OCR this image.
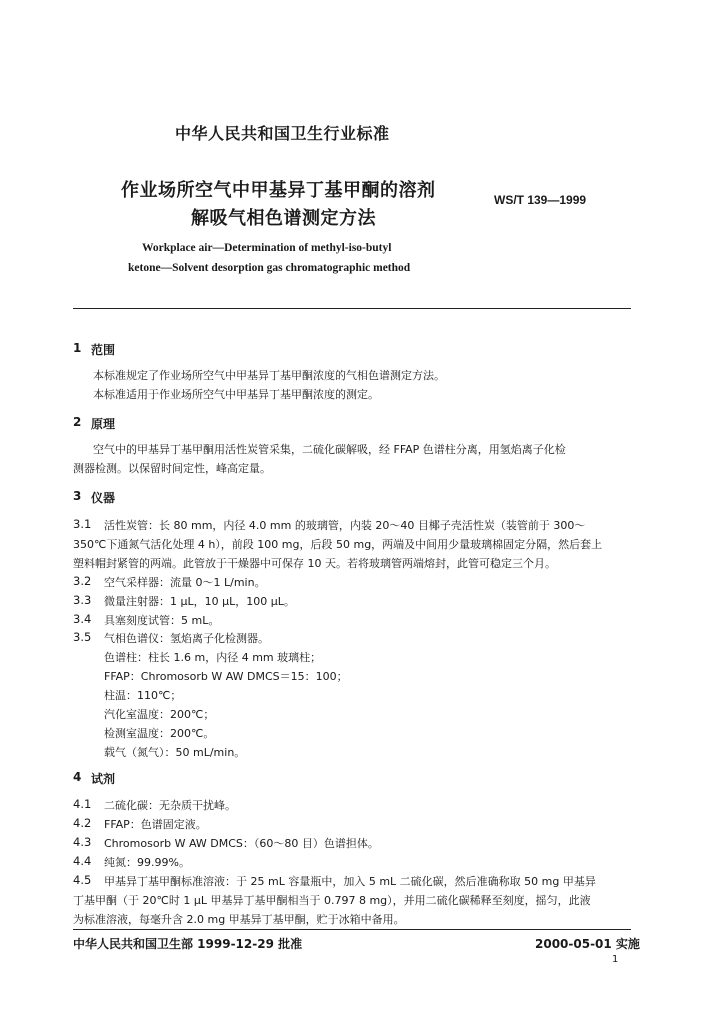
中华人民共和国卫生行业标准
作业场所空气中甲基异丁基甲酮的溶剂
解吸气相色谱测定方法
WS/T 139—1999
Workplace air—Determination of methyl-iso-butyl
ketone—Solvent desorption gas chromatographic method
1 范围
本标准规定了作业场所空气中甲基异丁基甲酮浓度的气相色谱测定方法。
本标准适用于作业场所空气中甲基异丁基甲酮浓度的测定。
2 原理
空气中的甲基异丁基甲酮用活性炭管采集，二硫化碳解吸，经 FFAP 色谱柱分离，用氢焰离子化检
测器检测。以保留时间定性，峰高定量。
3 仪器
3.1 活性炭管：长 80 mm，内径 4.0 mm 的玻璃管，内装 20～40 目椰子壳活性炭（装管前于 300～
350℃下通氮气活化处理 4 h），前段 100 mg，后段 50 mg，两端及中间用少量玻璃棉固定分隔，然后套上
塑料帽封紧管的两端。此管放于干燥器中可保存 10 天。若将玻璃管两端熔封，此管可稳定三个月。
3.2 空气采样器：流量 0～1 L/min。
3.3 微量注射器：1 μL，10 μL，100 μL。
3.4 具塞刻度试管：5 mL。
3.5 气相色谱仪：氢焰离子化检测器。
色谱柱：柱长 1.6 m，内径 4 mm 玻璃柱；
FFAP：Chromosorb W AW DMCS＝15：100；
柱温：110℃；
汽化室温度：200℃；
检测室温度：200℃。
载气（氮气）：50 mL/min。
4 试剂
4.1 二硫化碳：无杂质干扰峰。
4.2 FFAP：色谱固定液。
4.3 Chromosorb W AW DMCS：（60～80 目）色谱担体。
4.4 纯氮：99.99%。
4.5 甲基异丁基甲酮标准溶液：于 25 mL 容量瓶中，加入 5 mL 二硫化碳，然后准确称取 50 mg 甲基异
丁基甲酮（于 20℃时 1 μL 甲基异丁基甲酮相当于 0.797 8 mg），并用二硫化碳稀释至刻度，摇匀，此液
为标准溶液，每毫升含 2.0 mg 甲基异丁基甲酮，贮于冰箱中备用。
中华人民共和国卫生部 1999-12-29 批准	2000-05-01 实施
1
